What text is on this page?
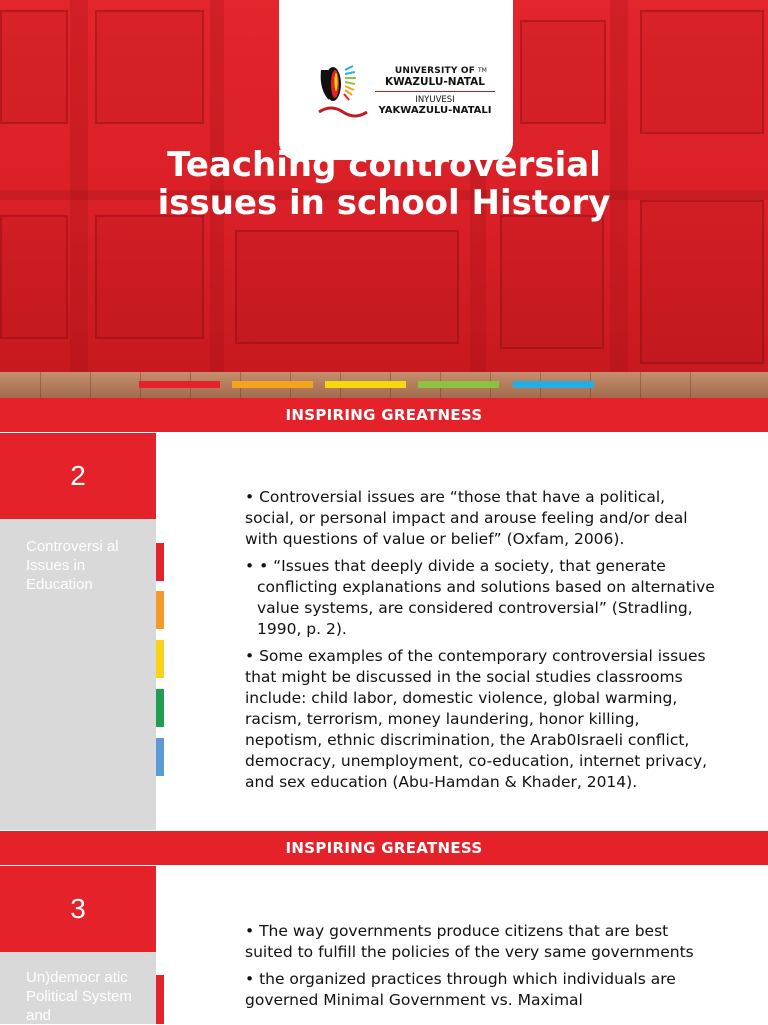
UNIVERSITY OF
KWAZULU-NATAL
INYUVESI
YAKWAZULU-NATALI
TM
Teaching controversial
issues in school History
INSPIRING GREATNESS
2
Controversi al Issues in Education

• Controversial issues are “those that have a political, social, or personal impact and arouse feeling and/or deal with questions of value or belief” (Oxfam, 2006).

• • “Issues that deeply divide a society, that generate conflicting explanations and solutions based on alternative value systems, are considered controversial” (Stradling, 1990, p. 2).

• Some examples of the contemporary controversial issues that might be discussed in the social studies classrooms include: child labor, domestic violence, global warming, racism, terrorism, money laundering, honor killing, nepotism, ethnic discrimination, the Arab0Israeli conflict, democracy, unemployment, co-education, internet privacy, and sex education (Abu-Hamdan & Khader, 2014).

INSPIRING GREATNESS
3
Un)democr atic Political System and

• The way governments produce citizens that are best suited to fulfill the policies of the very same governments

• the organized practices through which individuals are governed Minimal Government vs. Maximal
